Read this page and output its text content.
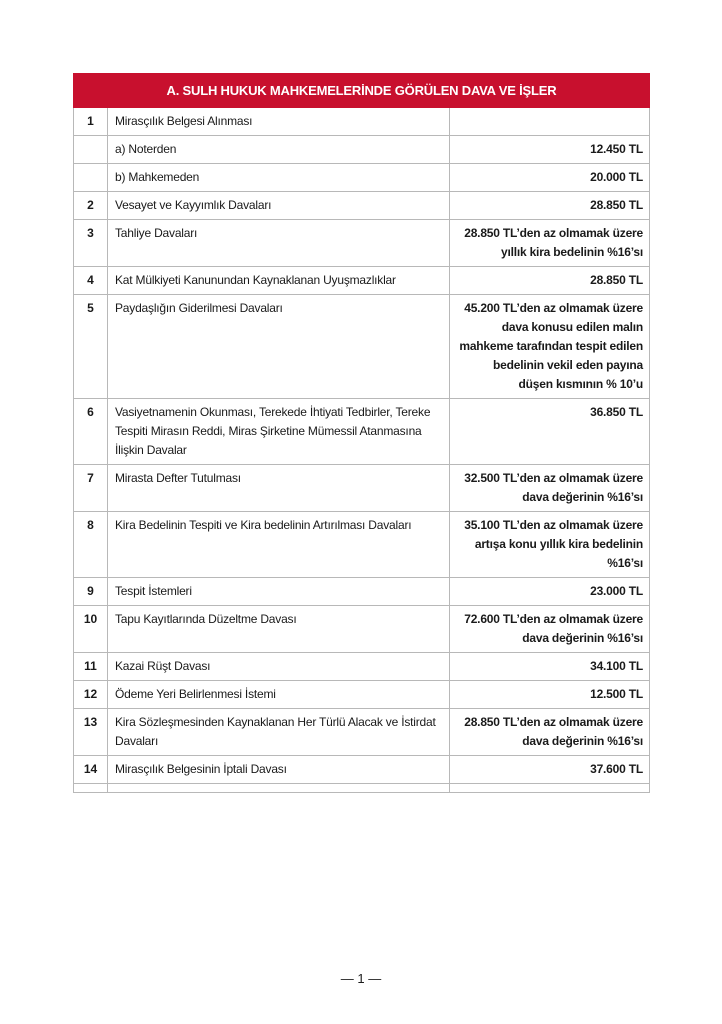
A. SULH HUKUK MAHKEMELERİNDE GÖRÜLEN DAVA VE İŞLER		
1	Mirasçılık Belgesi Alınması	
	a) Noterden	12.450 TL
	b) Mahkemeden	20.000 TL
2	Vesayet ve Kayyımlık Davaları	28.850 TL
3	Tahliye Davaları	28.850 TL’den az olmamak üzere yıllık kira bedelinin %16’sı
4	Kat Mülkiyeti Kanunundan Kaynaklanan Uyuşmazlıklar	28.850 TL
5	Paydaşlığın Giderilmesi Davaları	45.200 TL’den az olmamak üzere dava konusu edilen malın mahkeme tarafından tespit edilen bedelinin vekil eden payına düşen kısmının % 10’u
6	Vasiyetnamenin Okunması, Terekede İhtiyati Tedbirler, Tereke Tespiti Mirasın Reddi, Miras Şirketine Mümessil Atanmasına İlişkin Davalar	36.850 TL
7	Mirasta Defter Tutulması	32.500 TL’den az olmamak üzere dava değerinin %16’sı
8	Kira Bedelinin Tespiti ve Kira bedelinin Artırılması Davaları	35.100 TL’den az olmamak üzere artışa konu yıllık kira bedelinin %16’sı
9	Tespit İstemleri	23.000 TL
10	Tapu Kayıtlarında Düzeltme Davası	72.600 TL’den az olmamak üzere dava değerinin %16’sı
11	Kazai Rüşt Davası	34.100 TL
12	Ödeme Yeri Belirlenmesi İstemi	12.500 TL
13	Kira Sözleşmesinden Kaynaklanan Her Türlü Alacak ve İstirdat Davaları	28.850 TL’den az olmamak üzere dava değerinin %16’sı
14	Mirasçılık Belgesinin İptali Davası	37.600 TL

— 1 —
